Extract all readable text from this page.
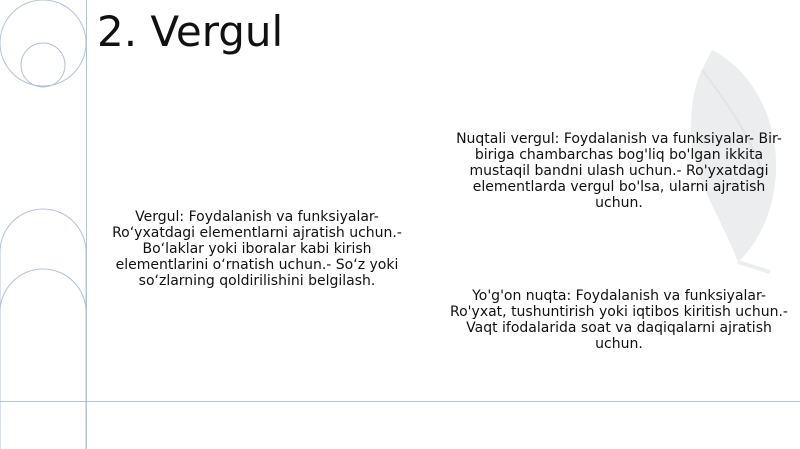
2. Vergul
Vergul: Foydalanish va funksiyalar- Ro‘yxatdagi elementlarni ajratish uchun.- Bo‘laklar yoki iboralar kabi kirish elementlarini o‘rnatish uchun.- So‘z yoki so‘zlarning qoldirilishini belgilash.
Nuqtali vergul: Foydalanish va funksiyalar- Bir-biriga chambarchas bog'liq bo'lgan ikkita mustaqil bandni ulash uchun.- Ro'yxatdagi elementlarda vergul bo'lsa, ularni ajratish uchun.
Yo'g'on nuqta: Foydalanish va funksiyalar- Ro'yxat, tushuntirish yoki iqtibos kiritish uchun.- Vaqt ifodalarida soat va daqiqalarni ajratish uchun.
